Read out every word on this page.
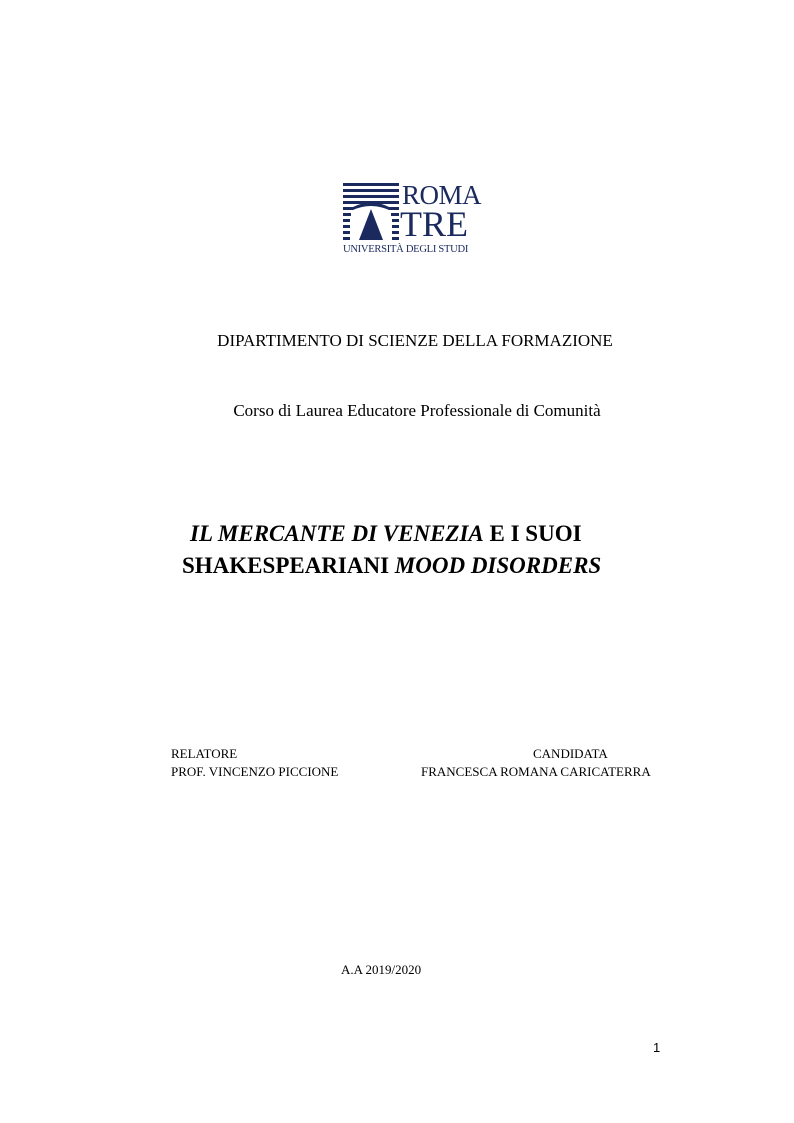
ROMA
TRE
UNIVERSITÀ DEGLI STUDI
DIPARTIMENTO DI SCIENZE DELLA FORMAZIONE
Corso di Laurea Educatore Professionale di Comunità
IL MERCANTE DI VENEZIA E I SUOI
SHAKESPEARIANI MOOD DISORDERS
RELATORE
PROF. VINCENZO PICCIONE
CANDIDATA
FRANCESCA ROMANA CARICATERRA
A.A 2019/2020
1
